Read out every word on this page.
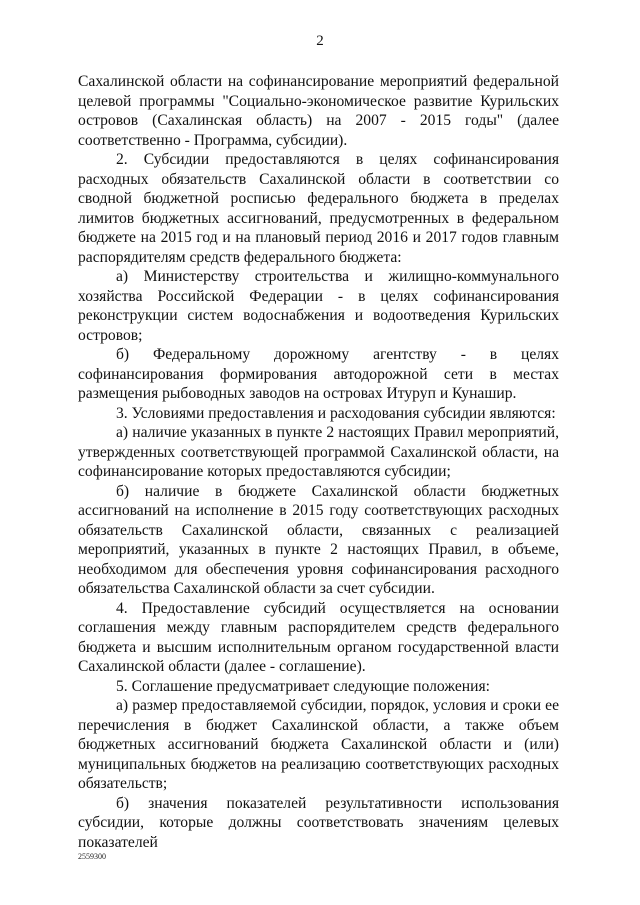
2

Сахалинской области на софинансирование мероприятий федеральной целевой программы "Социально-экономическое развитие Курильских островов (Сахалинская область) на 2007 - 2015 годы" (далее соответственно - Программа, субсидии).

2. Субсидии предоставляются в целях софинансирования расходных обязательств Сахалинской области в соответствии со сводной бюджетной росписью федерального бюджета в пределах лимитов бюджетных ассигнований, предусмотренных в федеральном бюджете на 2015 год и на плановый период 2016 и 2017 годов главным распорядителям средств федерального бюджета:

а) Министерству строительства и жилищно-коммунального хозяйства Российской Федерации - в целях софинансирования реконструкции систем водоснабжения и водоотведения Курильских островов;

б) Федеральному дорожному агентству - в целях софинансирования формирования автодорожной сети в местах размещения рыбоводных заводов на островах Итуруп и Кунашир.

3. Условиями предоставления и расходования субсидии являются:

а) наличие указанных в пункте 2 настоящих Правил мероприятий, утвержденных соответствующей программой Сахалинской области, на софинансирование которых предоставляются субсидии;

б) наличие в бюджете Сахалинской области бюджетных ассигнований на исполнение в 2015 году соответствующих расходных обязательств Сахалинской области, связанных с реализацией мероприятий, указанных в пункте 2 настоящих Правил, в объеме, необходимом для обеспечения уровня софинансирования расходного обязательства Сахалинской области за счет субсидии.

4. Предоставление субсидий осуществляется на основании соглашения между главным распорядителем средств федерального бюджета и высшим исполнительным органом государственной власти Сахалинской области (далее - соглашение).

5. Соглашение предусматривает следующие положения:

а) размер предоставляемой субсидии, порядок, условия и сроки ее перечисления в бюджет Сахалинской области, а также объем бюджетных ассигнований бюджета Сахалинской области и (или) муниципальных бюджетов на реализацию соответствующих расходных обязательств;

б) значения показателей результативности использования субсидии, которые должны соответствовать значениям целевых показателей

2559300
